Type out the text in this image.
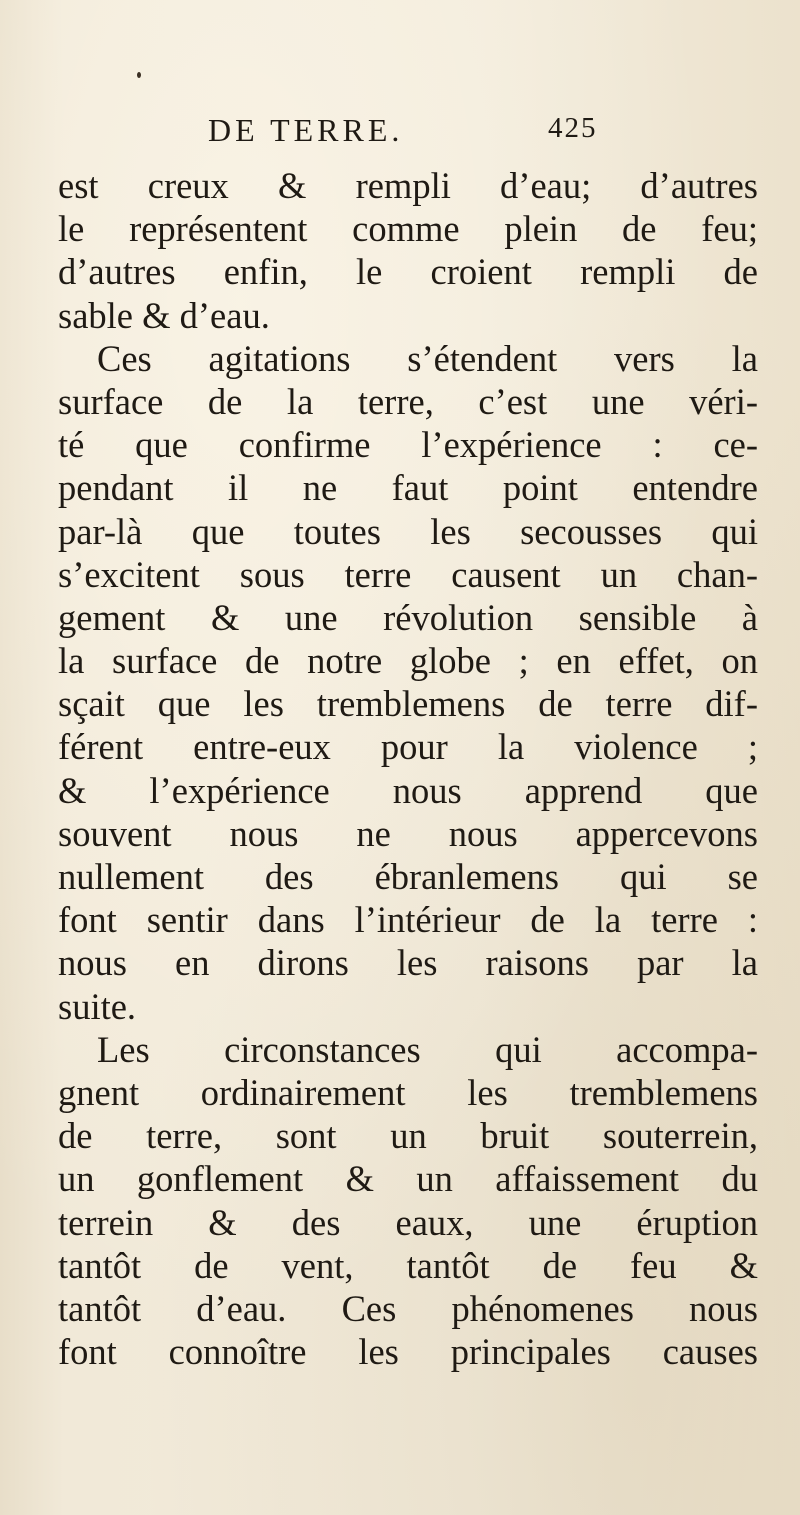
DE TERRE.	425
est creux & rempli d’eau; d’autres
le représentent comme plein de feu;
d’autres enfin, le croient rempli de
sable & d’eau.
Ces agitations s’étendent vers la
surface de la terre, c’est une véri-
té que confirme l’expérience : ce-
pendant il ne faut point entendre
par-là que toutes les secousses qui
s’excitent sous terre causent un chan-
gement & une révolution sensible à
la surface de notre globe ; en effet, on
sçait que les tremblemens de terre dif-
férent entre-eux pour la violence ;
& l’expérience nous apprend que
souvent nous ne nous appercevons
nullement des ébranlemens qui se
font sentir dans l’intérieur de la terre :
nous en dirons les raisons par la
suite.
Les circonstances qui accompa-
gnent ordinairement les tremblemens
de terre, sont un bruit souterrein,
un gonflement & un affaissement du
terrein & des eaux, une éruption
tantôt de vent, tantôt de feu &
tantôt d’eau. Ces phénomenes nous
font connoître les principales causes
